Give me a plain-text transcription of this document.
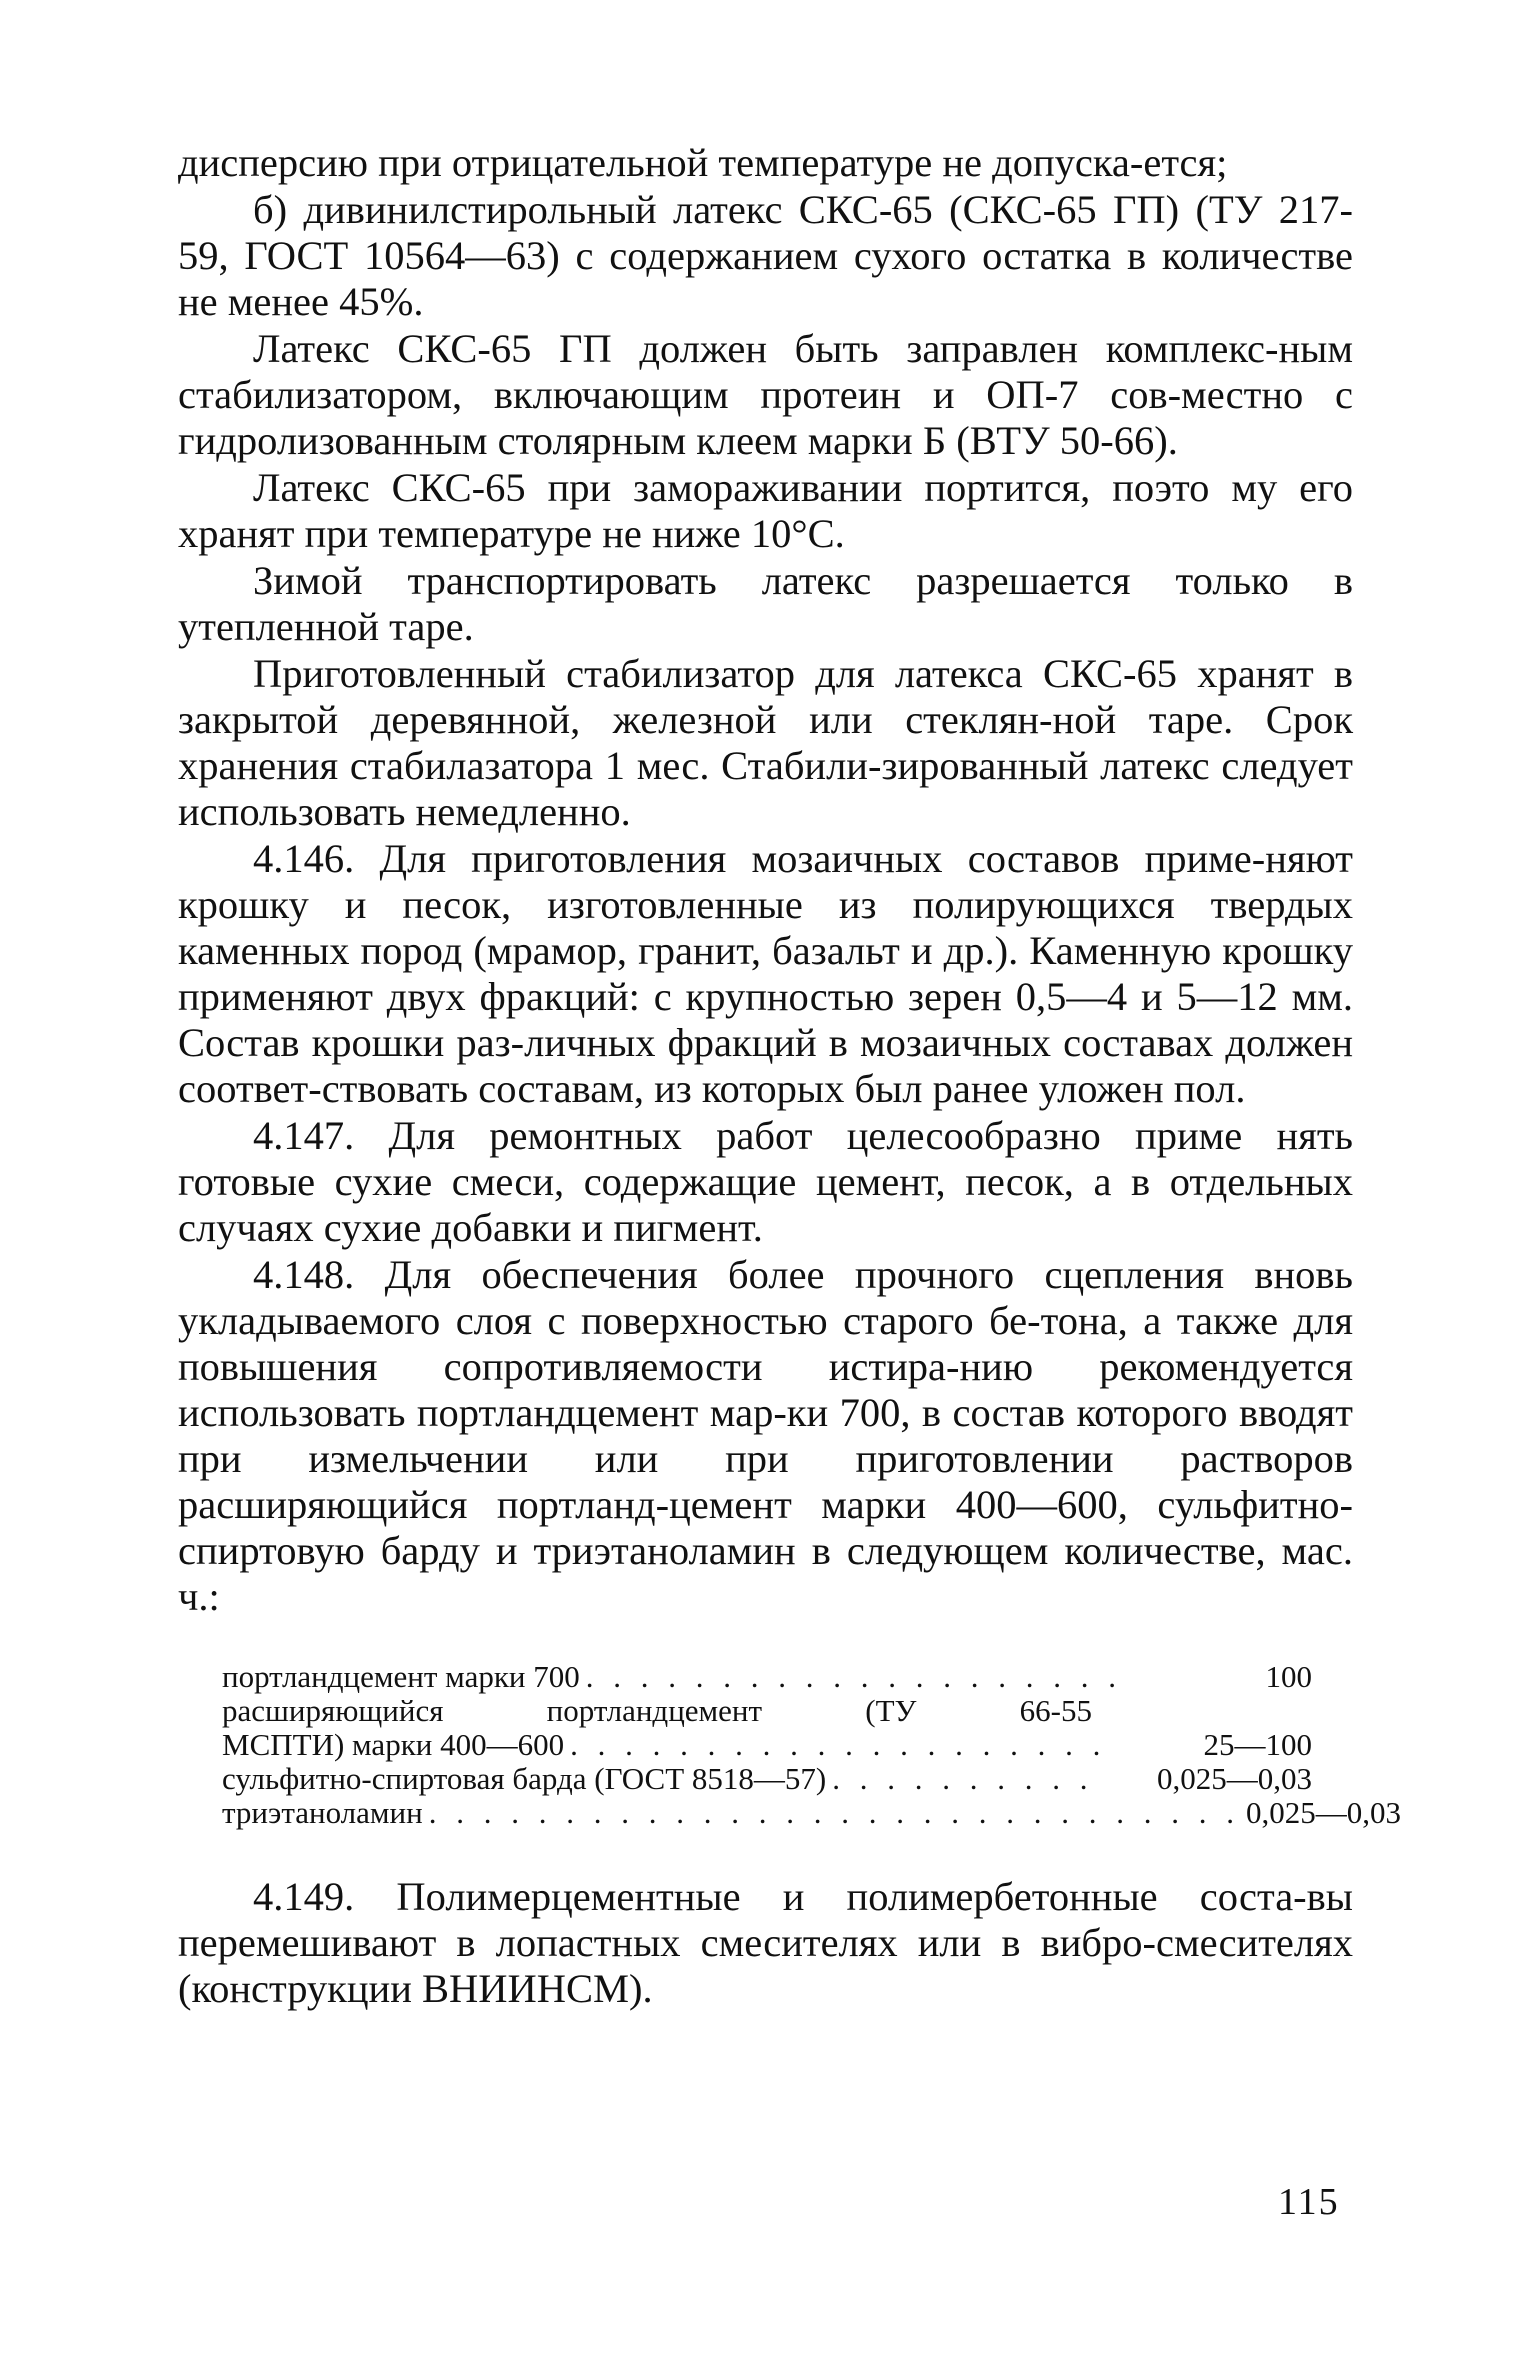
дисперсию при отрицательной температуре не допуска-ется;

б) дивинилстирольный латекс СКС-65 (СКС-65 ГП) (ТУ 217-59, ГОСТ 10564—63) с содержанием сухого остатка в количестве не менее 45%.

Латекс СКС-65 ГП должен быть заправлен комплекс-ным стабилизатором, включающим протеин и ОП-7 сов-местно с гидролизованным столярным клеем марки Б (ВТУ 50-66).

Латекс СКС-65 при замораживании портится, поэто му его хранят при температуре не ниже 10°С.

Зимой транспортировать латекс разрешается только в утепленной таре.

Приготовленный стабилизатор для латекса СКС-65 хранят в закрытой деревянной, железной или стеклян-ной таре. Срок хранения стабилазатора 1 мес. Стабили-зированный латекс следует использовать немедленно.

4.146. Для приготовления мозаичных составов приме-няют крошку и песок, изготовленные из полирующихся твердых каменных пород (мрамор, гранит, базальт и др.). Каменную крошку применяют двух фракций: с крупностью зерен 0,5—4 и 5—12 мм. Состав крошки раз-личных фракций в мозаичных составах должен соответ-ствовать составам, из которых был ранее уложен пол.

4.147. Для ремонтных работ целесообразно приме нять готовые сухие смеси, содержащие цемент, песок, а в отдельных случаях сухие добавки и пигмент.

4.148. Для обеспечения более прочного сцепления вновь укладываемого слоя с поверхностью старого бе-тона, а также для повышения сопротивляемости истира-нию рекомендуется использовать портландцемент мар-ки 700, в состав которого вводят при измельчении или при приготовлении растворов расширяющийся портланд-цемент марки 400—600, сульфитно-спиртовую барду и триэтаноламин в следующем количестве, мас. ч.:

портландцемент марки 700 . . . . . . . . . . . . . . . . . . . .	100
расширяющийся	портландцемент	(ТУ	66-55
МСПТИ) марки 400—600 . . . . . . . . . . . . . . . . . . . .	25—100
сульфитно-спиртовая барда (ГОСТ 8518—57) . . . . . . . . . .	0,025—0,03
триэтаноламин . . . . . . . . . . . . . . . . . . . . . . . . . . . . . . 0,025—0,03

4.149. Полимерцементные и полимербетонные соста-вы перемешивают в лопастных смесителях или в вибро-смесителях (конструкции ВНИИНСМ).

115
